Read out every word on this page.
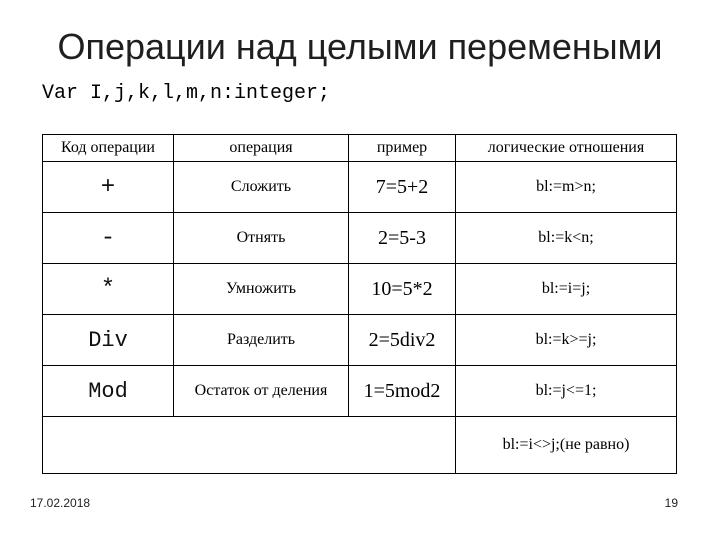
Операции над целыми перемеными
Var I,j,k,l,m,n:integer;
Код операции	операция	пример	логические отношения
+	Сложить	7=5+2	bl:=m>n;
-	Отнять	2=5-3	bl:=k<n;
*	Умножить	10=5*2	bl:=i=j;
Div	Разделить	2=5div2	bl:=k>=j;
Mod	Остаток от деления	1=5mod2	bl:=j<=1;
			bl:=i<>j;(не равно)
17.02.2018	19
